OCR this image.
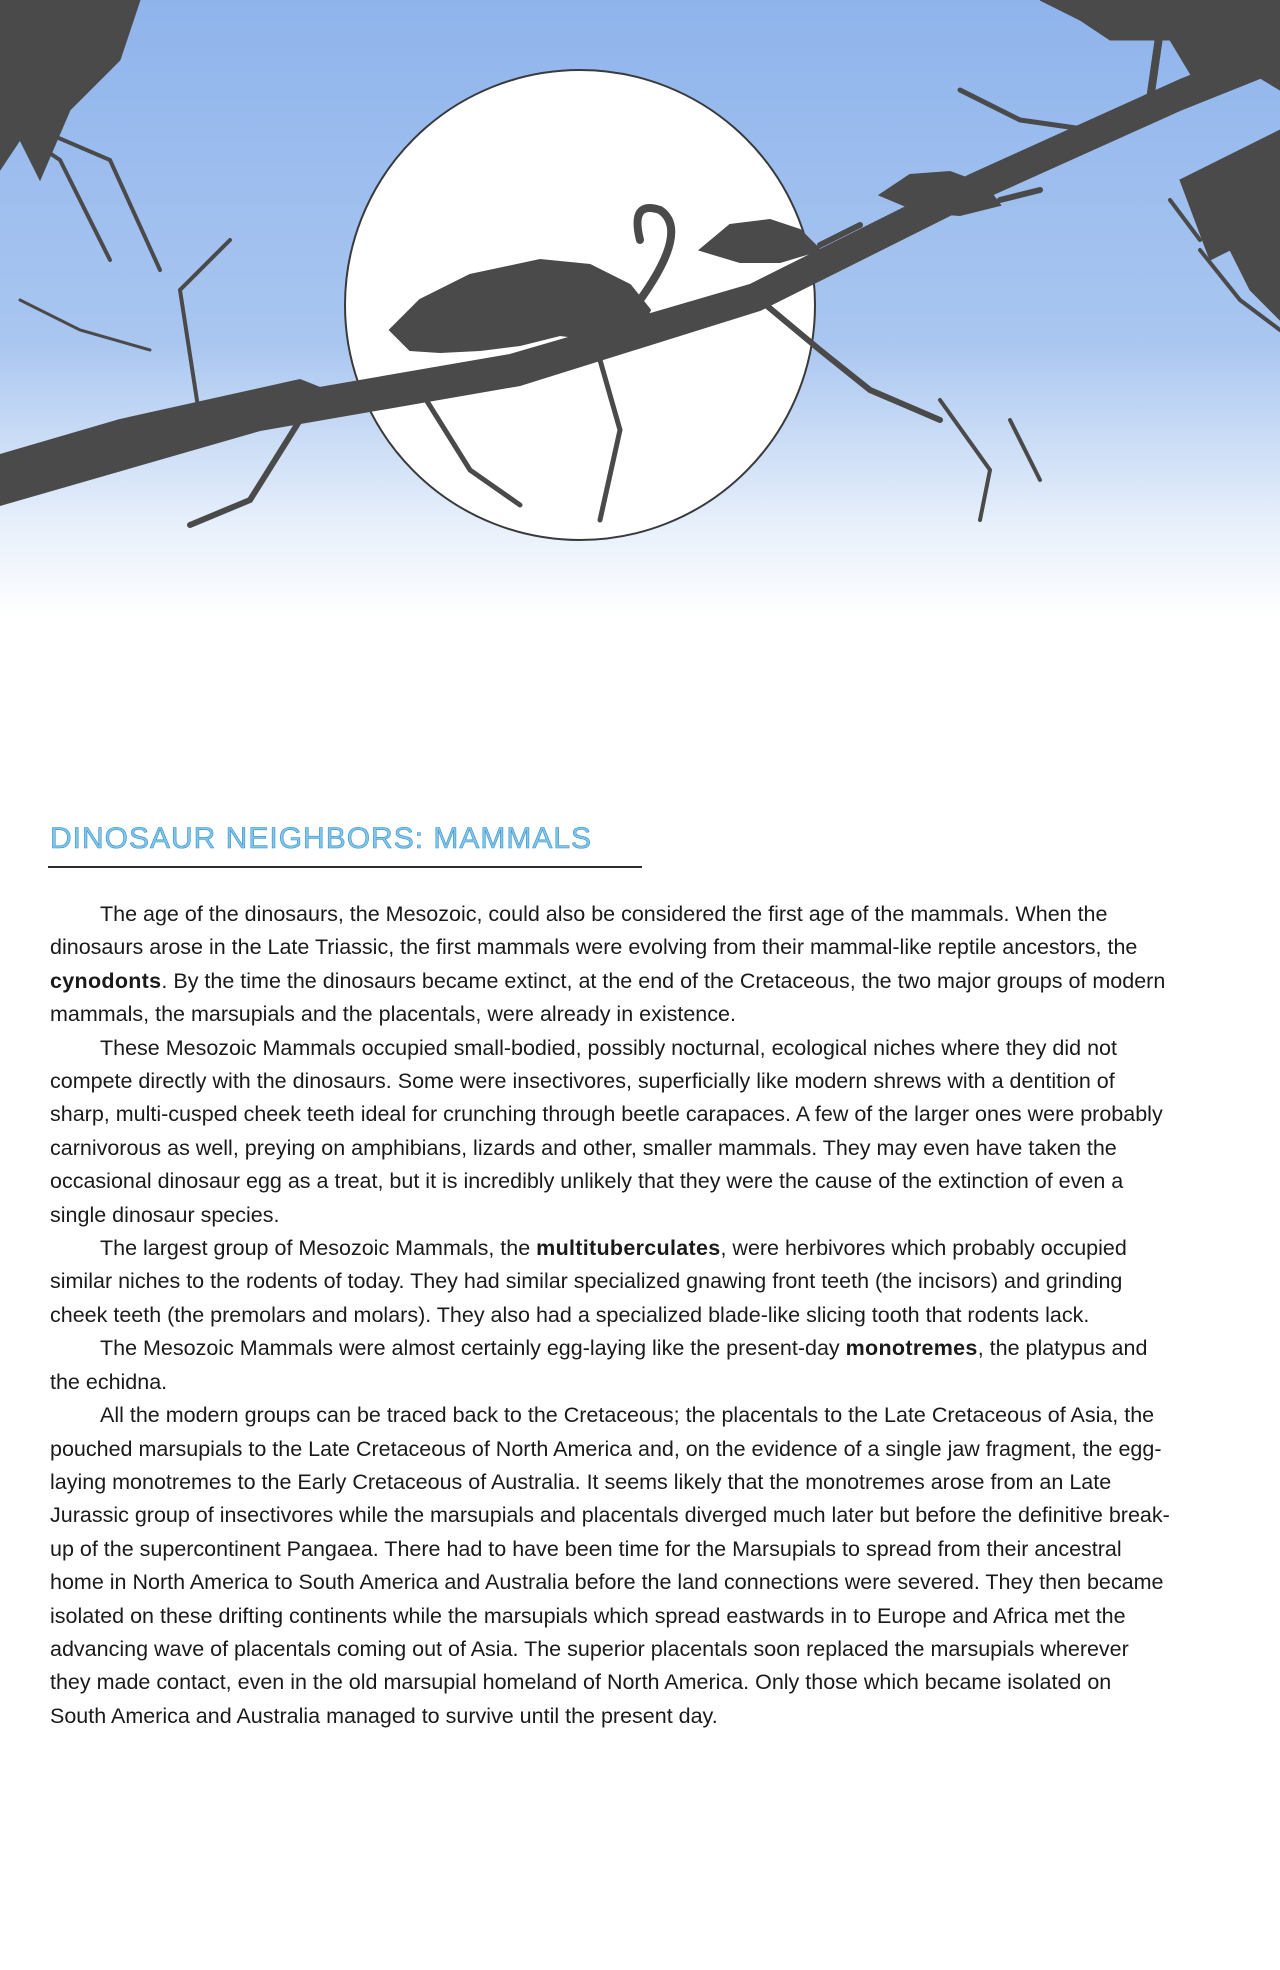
DINOSAUR NEIGHBORS: MAMMALS

The age of the dinosaurs, the Mesozoic, could also be considered the first age of the mammals. When the dinosaurs arose in the Late Triassic, the first mammals were evolving from their mammal-like reptile ancestors, the cynodonts. By the time the dinosaurs became extinct, at the end of the Cretaceous, the two major groups of modern mammals, the marsupials and the placentals, were already in existence.

These Mesozoic Mammals occupied small-bodied, possibly nocturnal, ecological niches where they did not compete directly with the dinosaurs. Some were insectivores, superficially like modern shrews with a dentition of sharp, multi-cusped cheek teeth ideal for crunching through beetle carapaces. A few of the larger ones were probably carnivorous as well, preying on amphibians, lizards and other, smaller mammals. They may even have taken the occasional dinosaur egg as a treat, but it is incredibly unlikely that they were the cause of the extinction of even a single dinosaur species.

The largest group of Mesozoic Mammals, the multituberculates, were herbivores which probably occupied similar niches to the rodents of today. They had similar specialized gnawing front teeth (the incisors) and grinding cheek teeth (the premolars and molars). They also had a specialized blade-like slicing tooth that rodents lack.

The Mesozoic Mammals were almost certainly egg-laying like the present-day monotremes, the platypus and the echidna.

All the modern groups can be traced back to the Cretaceous; the placentals to the Late Cretaceous of Asia, the pouched marsupials to the Late Cretaceous of North America and, on the evidence of a single jaw fragment, the egg-laying monotremes to the Early Cretaceous of Australia. It seems likely that the monotremes arose from an Late Jurassic group of insectivores while the marsupials and placentals diverged much later but before the definitive break-up of the supercontinent Pangaea. There had to have been time for the Marsupials to spread from their ancestral home in North America to South America and Australia before the land connections were severed. They then became isolated on these drifting continents while the marsupials which spread eastwards in to Europe and Africa met the advancing wave of placentals coming out of Asia. The superior placentals soon replaced the marsupials wherever they made contact, even in the old marsupial homeland of North America. Only those which became isolated on South America and Australia managed to survive until the present day.
